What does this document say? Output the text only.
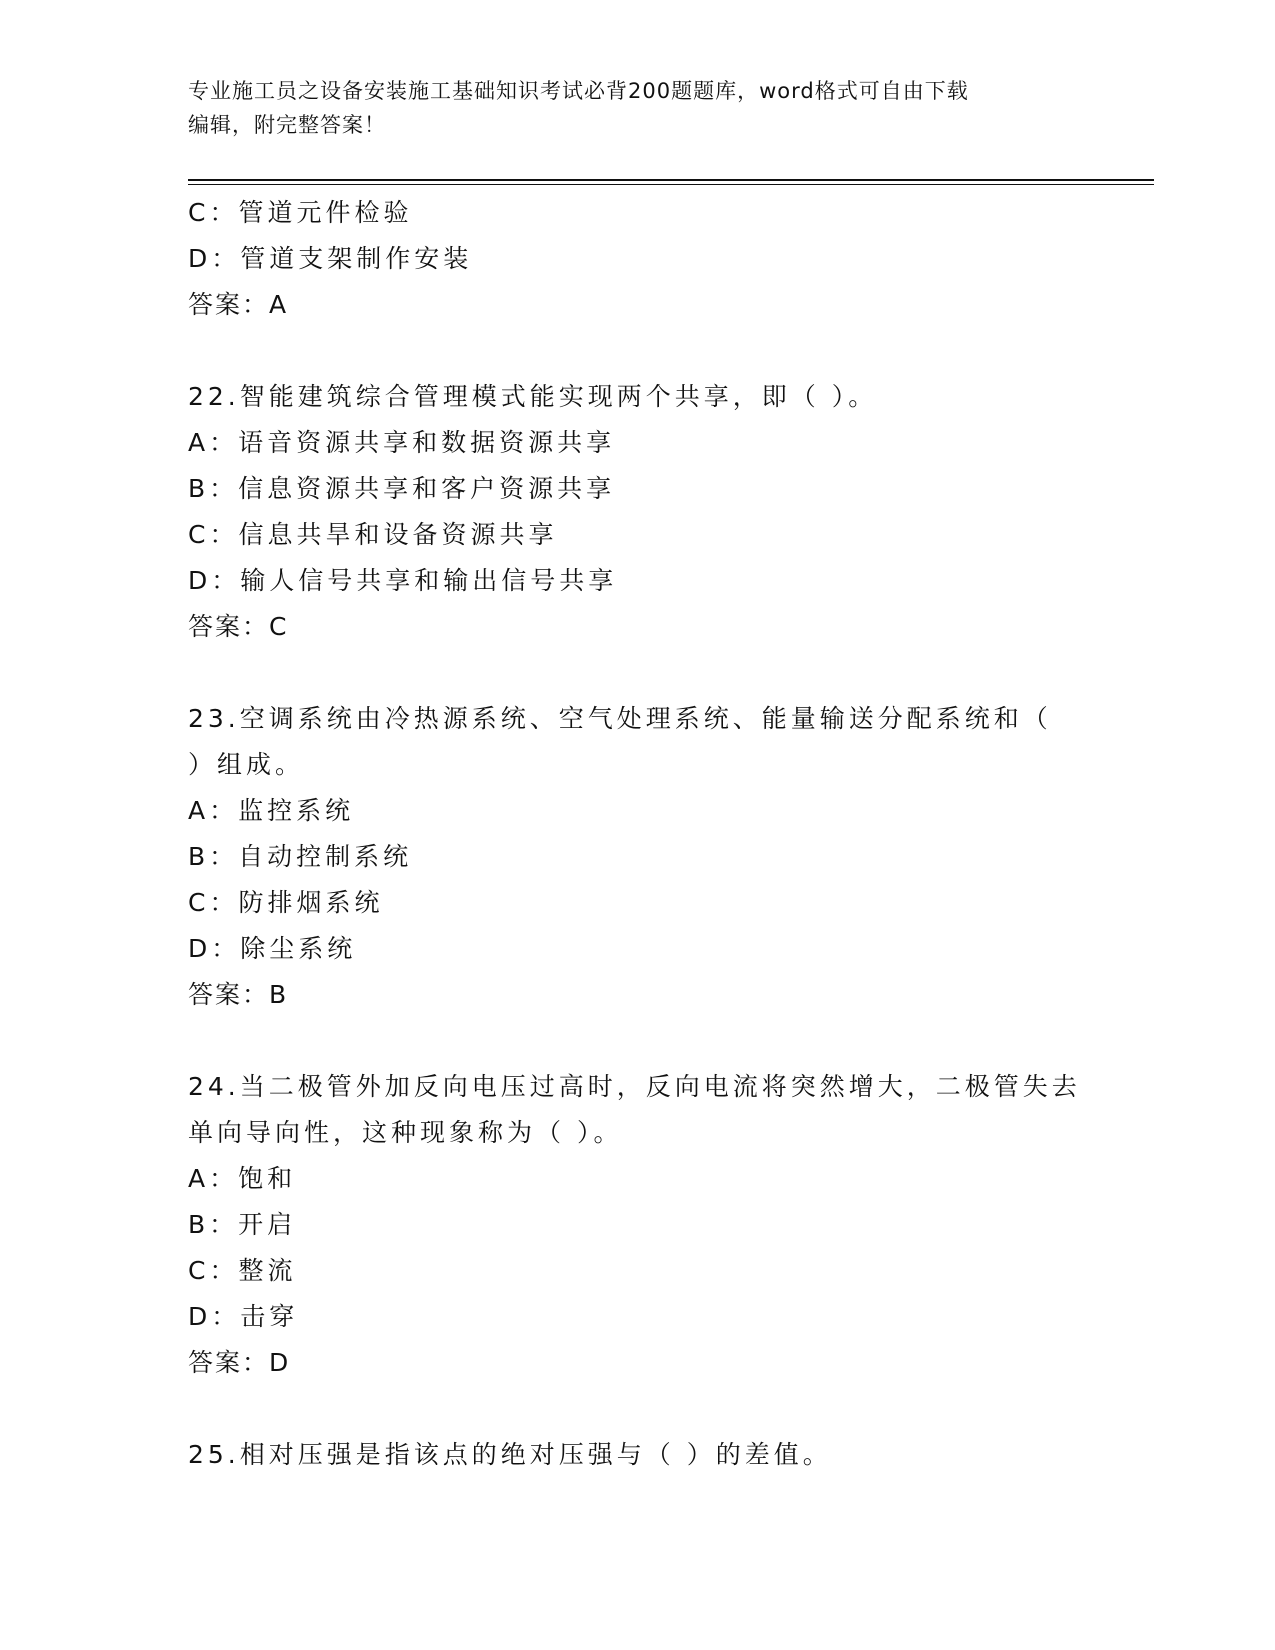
专业施工员之设备安装施工基础知识考试必背200题题库，word格式可自由下载
编辑，附完整答案！
C：管道元件检验
D：管道支架制作安装
答案：A
22.智能建筑综合管理模式能实现两个共享，即（ ）。
A：语音资源共享和数据资源共享
B：信息资源共享和客户资源共享
C：信息共旱和设备资源共享
D：输人信号共享和输出信号共享
答案：C
23.空调系统由冷热源系统、空气处理系统、能量输送分配系统和（
）组成。
A：监控系统
B：自动控制系统
C：防排烟系统
D：除尘系统
答案：B
24.当二极管外加反向电压过高时，反向电流将突然增大，二极管失去
单向导向性，这种现象称为（ ）。
A：饱和
B：开启
C：整流
D：击穿
答案：D
25.相对压强是指该点的绝对压强与（ ）的差值。
